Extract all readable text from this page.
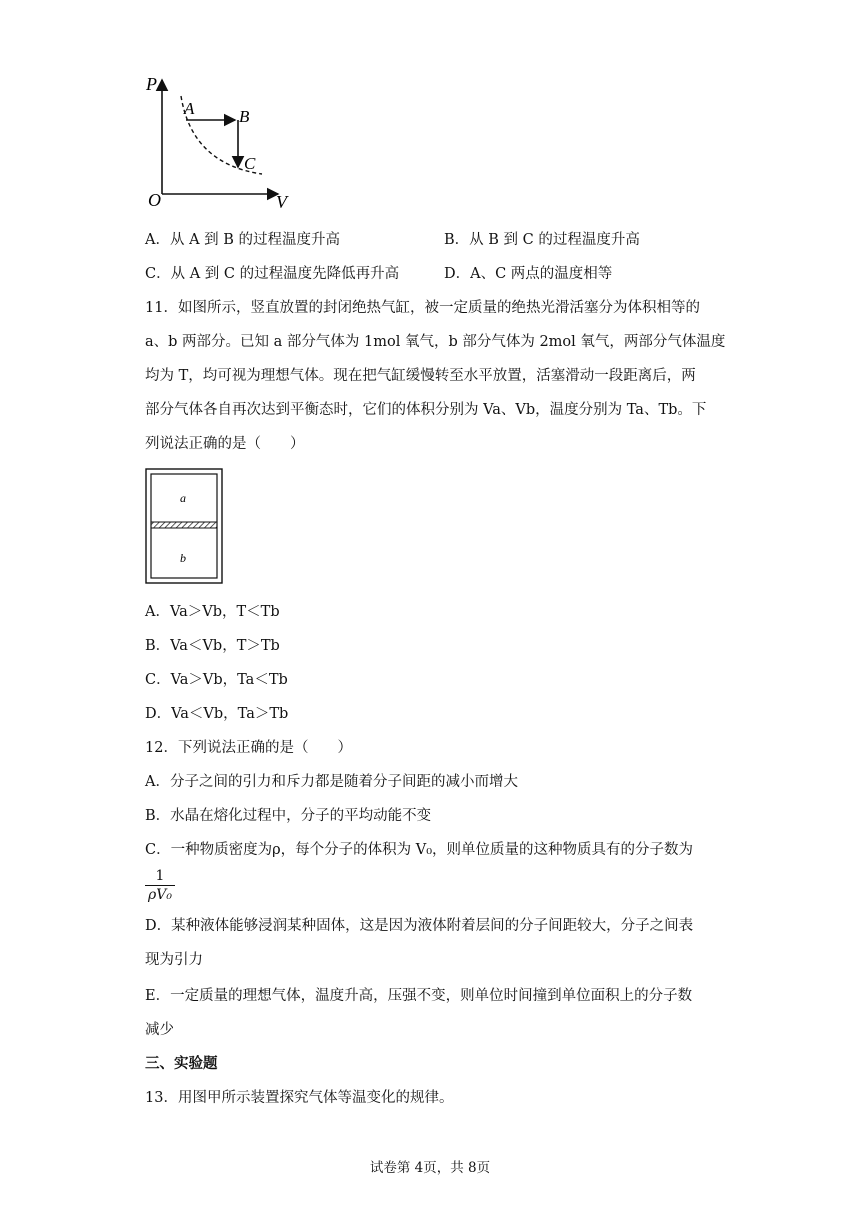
P
O	V
A	B
C
A．从 A 到 B 的过程温度升高	B．从 B 到 C 的过程温度升高
C．从 A 到 C 的过程温度先降低再升高	D．A、C 两点的温度相等
11．如图所示，竖直放置的封闭绝热气缸，被一定质量的绝热光滑活塞分为体积相等的
a、b 两部分。已知 a 部分气体为 1mol 氧气，b 部分气体为 2mol 氧气，两部分气体温度
均为 T，均可视为理想气体。现在把气缸缓慢转至水平放置，活塞滑动一段距离后，两
部分气体各自再次达到平衡态时，它们的体积分别为 Va、Vb，温度分别为 Ta、Tb。下
列说法正确的是（　　）
a
b
A．Va＞Vb，T＜Tb
B．Va＜Vb，T＞Tb
C．Va＞Vb，Ta＜Tb
D．Va＜Vb，Ta＞Tb
12．下列说法正确的是（　　）
A．分子之间的引力和斥力都是随着分子间距的减小而增大
B．水晶在熔化过程中，分子的平均动能不变
C．一种物质密度为ρ，每个分子的体积为 V₀，则单位质量的这种物质具有的分子数为
$\frac{1}{\text{ρV₀}}$
D．某种液体能够浸润某种固体，这是因为液体附着层间的分子间距较大，分子之间表
现为引力
E．一定质量的理想气体，温度升高，压强不变，则单位时间撞到单位面积上的分子数
减少
三、实验题
13．用图甲所示装置探究气体等温变化的规律。
试卷第 4页，共 8页
